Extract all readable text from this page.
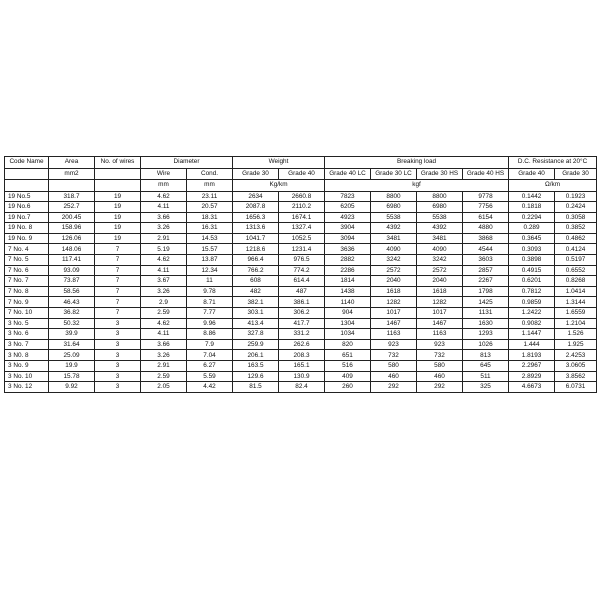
Code Name	Area	No. of wires	Diameter		Weight		Breaking load				D.C. Resistance at 20°C	
	mm2		Wire	Cond.	Grade 30	Grade 40	Grade 40 LC	Grade 30 LC	Grade 30 HS	Grade 40 HS	Grade 40	Grade 30
			mm	mm	Kg/km		kgf				Ω/km	
19 No.5	318.7	19	4.62	23.11	2634	2660.8	7823	8800	8800	9778	0.1442	0.1923
19 No.6	252.7	19	4.11	20.57	2087.8	2110.2	6205	6980	6980	7756	0.1818	0.2424
19 No.7	200.45	19	3.66	18.31	1656.3	1674.1	4923	5538	5538	6154	0.2294	0.3058
19 No. 8	158.96	19	3.26	16.31	1313.6	1327.4	3904	4392	4392	4880	0.289	0.3852
19 No. 9	126.06	19	2.91	14.53	1041.7	1052.5	3094	3481	3481	3868	0.3645	0.4862
7 No. 4	148.06	7	5.19	15.57	1218.6	1231.4	3636	4090	4090	4544	0.3093	0.4124
7 No. 5	117.41	7	4.62	13.87	966.4	976.5	2882	3242	3242	3603	0.3898	0.5197
7 No. 6	93.09	7	4.11	12.34	766.2	774.2	2286	2572	2572	2857	0.4915	0.6552
7 No. 7	73.87	7	3.67	11	608	614.4	1814	2040	2040	2267	0.6201	0.8268
7 No. 8	58.56	7	3.26	9.78	482	487	1438	1618	1618	1798	0.7812	1.0414
7 No. 9	46.43	7	2.9	8.71	382.1	386.1	1140	1282	1282	1425	0.9859	1.3144
7 No. 10	36.82	7	2.59	7.77	303.1	306.2	904	1017	1017	1131	1.2422	1.6559
3 No. 5	50.32	3	4.62	9.96	413.4	417.7	1304	1467	1467	1630	0.9082	1.2104
3 No. 6	39.9	3	4.11	8.86	327.8	331.2	1034	1163	1163	1293	1.1447	1.526
3 No. 7	31.64	3	3.66	7.9	259.9	262.6	820	923	923	1026	1.444	1.925
3 N0. 8	25.09	3	3.26	7.04	206.1	208.3	651	732	732	813	1.8193	2.4253
3 No. 9	19.9	3	2.91	6.27	163.5	165.1	516	580	580	645	2.2967	3.0605
3 No. 10	15.78	3	2.59	5.59	129.6	130.9	409	460	460	511	2.8929	3.8562
3 No. 12	9.92	3	2.05	4.42	81.5	82.4	260	292	292	325	4.6673	6.0731
